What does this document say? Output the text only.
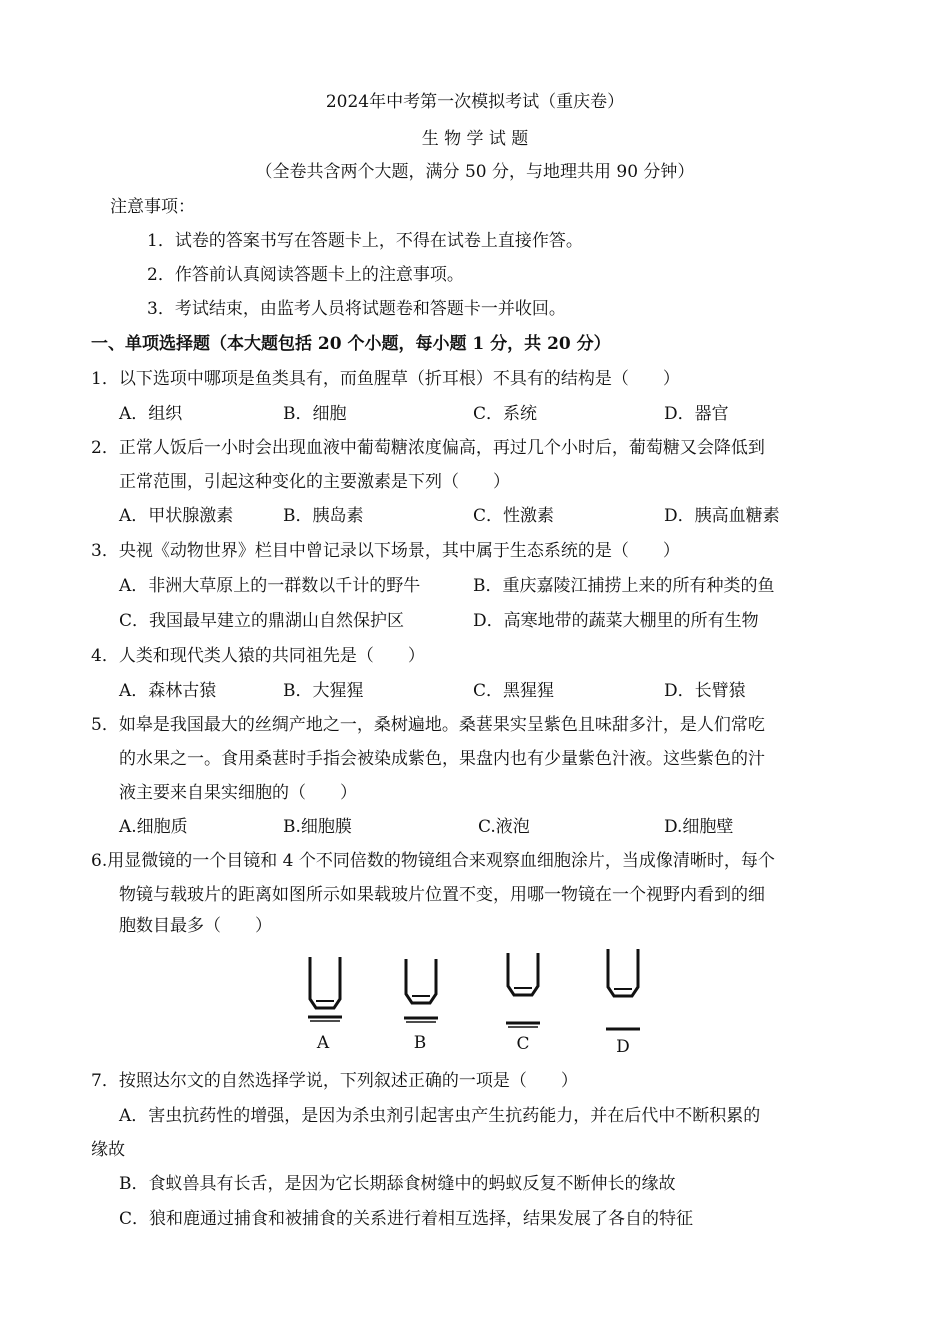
2024年中考第一次模拟考试（重庆卷）
生 物 学 试 题
（全卷共含两个大题，满分 50 分，与地理共用 90 分钟）
注意事项：
1．试卷的答案书写在答题卡上，不得在试卷上直接作答。
2．作答前认真阅读答题卡上的注意事项。
3．考试结束，由监考人员将试题卷和答题卡一并收回。
一、单项选择题（本大题包括 20 个小题，每小题 1 分，共 20 分）
1．以下选项中哪项是鱼类具有，而鱼腥草（折耳根）不具有的结构是（　　）
A．组织	B．细胞	C．系统	D．器官
2．正常人饭后一小时会出现血液中葡萄糖浓度偏高，再过几个小时后，葡萄糖又会降低到
正常范围，引起这种变化的主要激素是下列（　　）
A．甲状腺激素	B．胰岛素	C．性激素	D．胰高血糖素
3．央视《动物世界》栏目中曾记录以下场景，其中属于生态系统的是（　　）
A．非洲大草原上的一群数以千计的野牛	B．重庆嘉陵江捕捞上来的所有种类的鱼
C．我国最早建立的鼎湖山自然保护区	D．高寒地带的蔬菜大棚里的所有生物
4．人类和现代类人猿的共同祖先是（　　）
A．森林古猿	B．大猩猩	C．黑猩猩	D．长臂猿
5．如皋是我国最大的丝绸产地之一，桑树遍地。桑葚果实呈紫色且味甜多汁，是人们常吃
的水果之一。食用桑葚时手指会被染成紫色，果盘内也有少量紫色汁液。这些紫色的汁
液主要来自果实细胞的（　　）
A.细胞质	B.细胞膜	C.液泡	D.细胞壁
6.用显微镜的一个目镜和 4 个不同倍数的物镜组合来观察血细胞涂片，当成像清晰时，每个
物镜与载玻片的距离如图所示如果载玻片位置不变，用哪一物镜在一个视野内看到的细
胞数目最多（　　）
A	B	C	D
7．按照达尔文的自然选择学说，下列叙述正确的一项是（　　）
A．害虫抗药性的增强，是因为杀虫剂引起害虫产生抗药能力，并在后代中不断积累的
缘故
B．食蚁兽具有长舌，是因为它长期舔食树缝中的蚂蚁反复不断伸长的缘故
C．狼和鹿通过捕食和被捕食的关系进行着相互选择，结果发展了各自的特征
